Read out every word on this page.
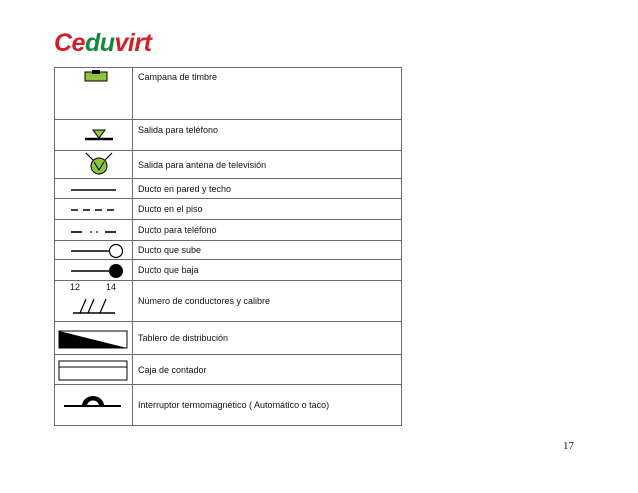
Ceduvirt
	Campana de timbre

	Salida para teléfono

	Salida para antena de televisión

	Ducto en pared y techo

	Ducto en el piso

	Ducto para teléfono

	Ducto que sube

	Ducto que baja

12 14	Número de conductores y calibre

	Tablero de distribución

	Caja de contador

	Interruptor termomagnético ( Automático o taco)
17
